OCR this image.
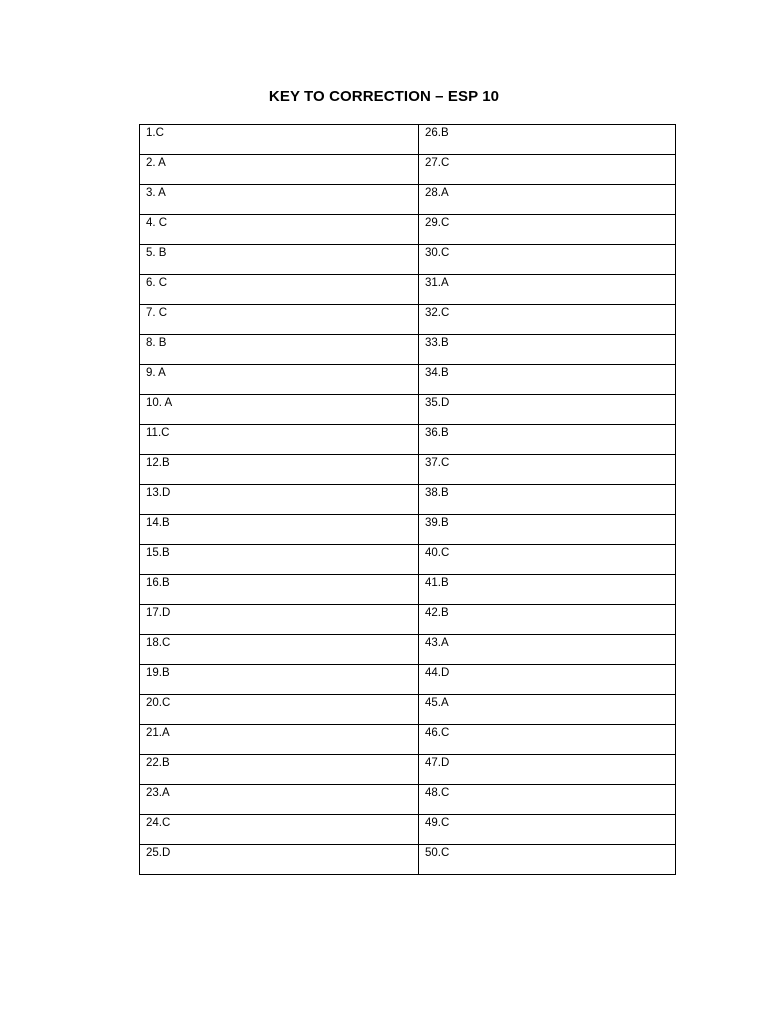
KEY TO CORRECTION – ESP 10
1.C	26.B

2. A	27.C

3. A	28.A

4. C	29.C

5. B	30.C

6. C	31.A

7. C	32.C

8. B	33.B

9. A	34.B

10. A	35.D

11.C	36.B

12.B	37.C

13.D	38.B

14.B	39.B

15.B	40.C

16.B	41.B

17.D	42.B

18.C	43.A

19.B	44.D

20.C	45.A

21.A	46.C

22.B	47.D

23.A	48.C

24.C	49.C

25.D	50.C
